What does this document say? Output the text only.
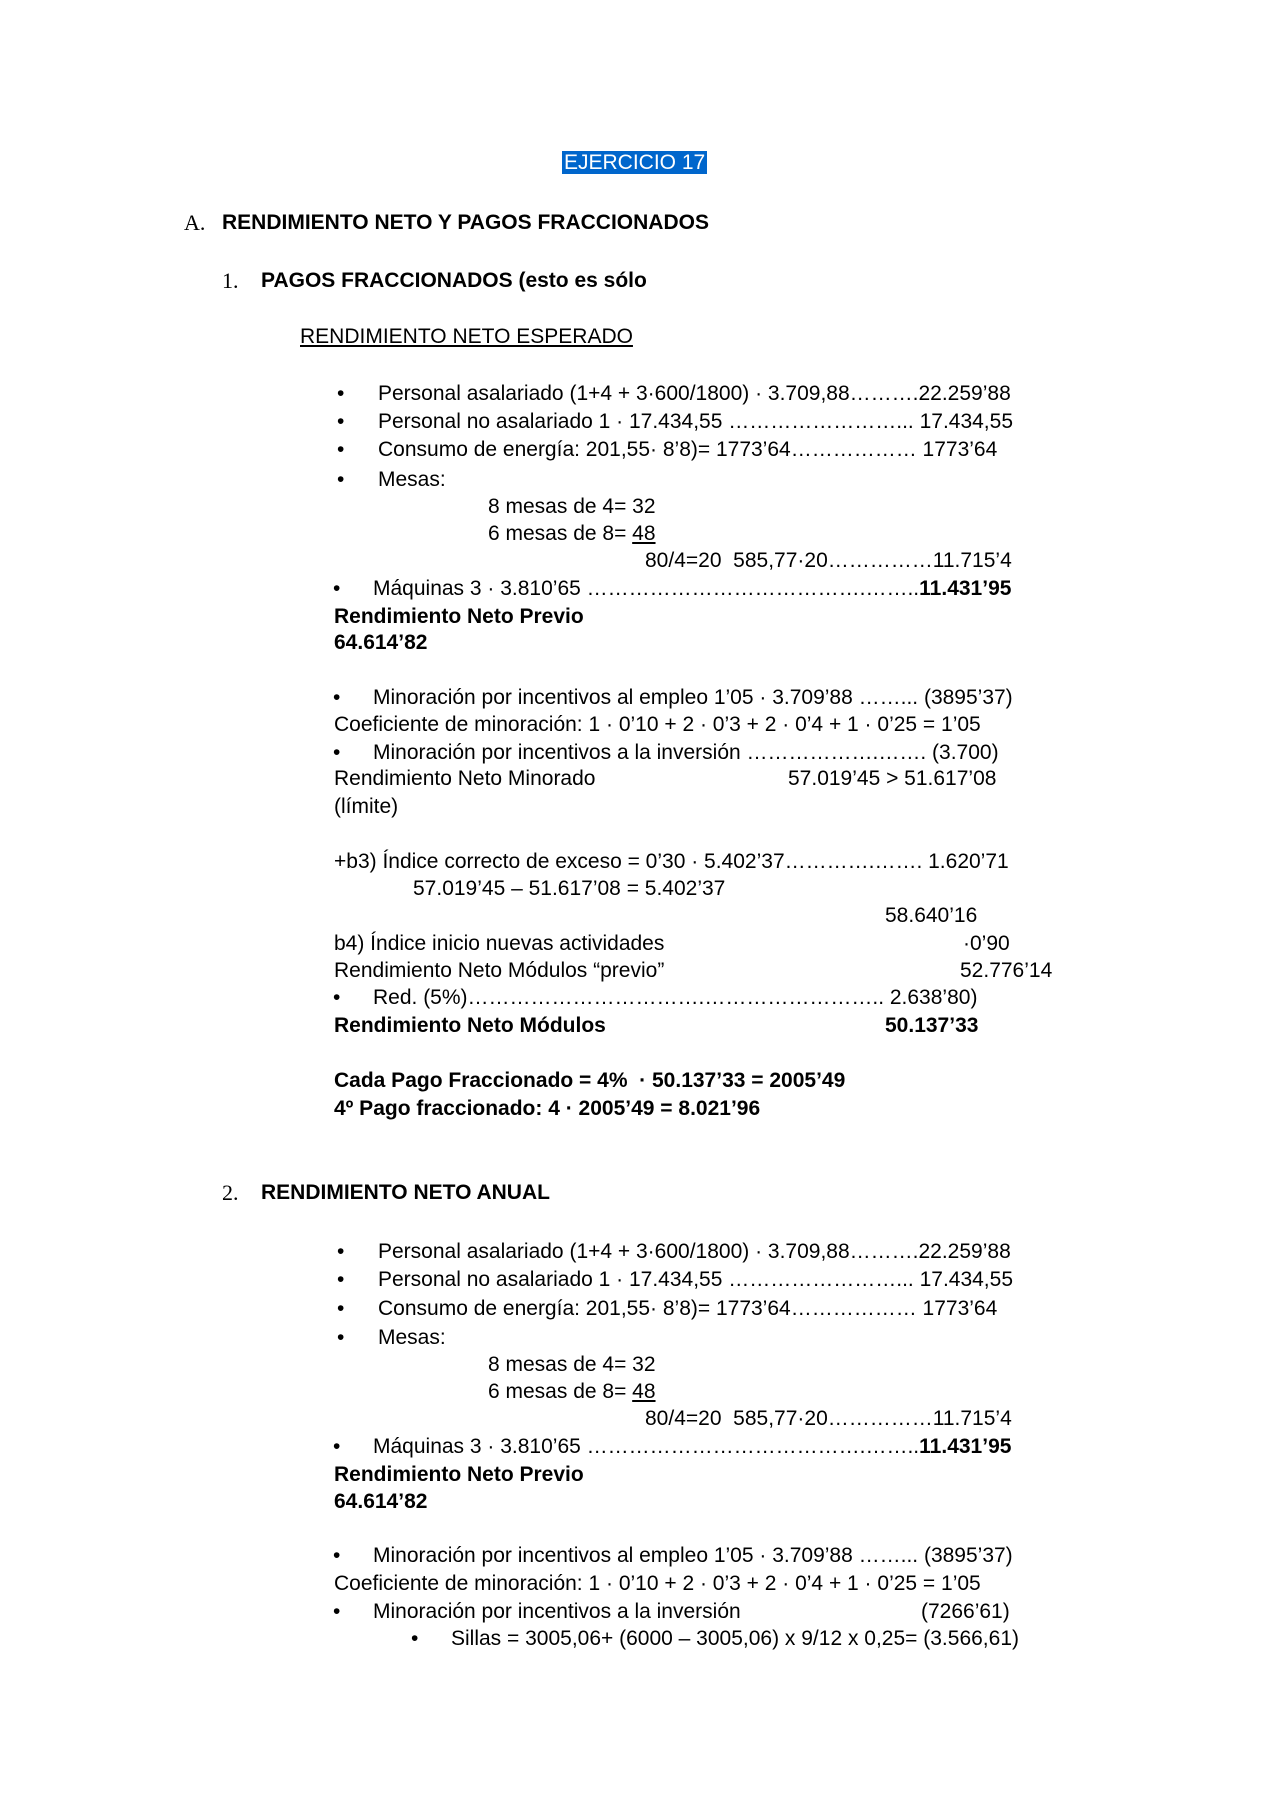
EJERCICIO 17
A. RENDIMIENTO NETO Y PAGOS FRACCIONADOS
1. PAGOS FRACCIONADOS (esto es sólo
RENDIMIENTO NETO ESPERADO
• Personal asalariado (1+4 + 3·600/1800) · 3.709,88……….22.259’88
• Personal no asalariado 1 · 17.434,55 ……………………... 17.434,55
• Consumo de energía: 201,55· 8’8)= 1773’64……………… 1773’64
• Mesas:
8 mesas de 4= 32
6 mesas de 8= 48
80/4=20  585,77·20……………11.715’4
• Máquinas 3 · 3.810’65 ………………………………….……..11.431’95
Rendimiento Neto Previo
64.614’82
• Minoración por incentivos al empleo 1’05 · 3.709’88 ……... (3895’37)
Coeficiente de minoración: 1 · 0’10 + 2 · 0’3 + 2 · 0’4 + 1 · 0’25 = 1’05
• Minoración por incentivos a la inversión ……………….……. (3.700)
Rendimiento Neto Minorado	57.019’45 > 51.617’08
(límite)
+b3) Índice correcto de exceso = 0’30 · 5.402’37………….……. 1.620’71
57.019’45 – 51.617’08 = 5.402’37
58.640’16
b4) Índice inicio nuevas actividades	·0’90
Rendimiento Neto Módulos “previo”	52.776’14
• Red. (5%)…………………………….…………………….. 2.638’80)
Rendimiento Neto Módulos	50.137’33
Cada Pago Fraccionado = 4%  · 50.137’33 = 2005’49
4º Pago fraccionado: 4 · 2005’49 = 8.021’96
2. RENDIMIENTO NETO ANUAL
• Personal asalariado (1+4 + 3·600/1800) · 3.709,88……….22.259’88
• Personal no asalariado 1 · 17.434,55 ……………………... 17.434,55
• Consumo de energía: 201,55· 8’8)= 1773’64……………… 1773’64
• Mesas:
8 mesas de 4= 32
6 mesas de 8= 48
80/4=20  585,77·20……………11.715’4
• Máquinas 3 · 3.810’65 ………………………………….……..11.431’95
Rendimiento Neto Previo
64.614’82
• Minoración por incentivos al empleo 1’05 · 3.709’88 ……... (3895’37)
Coeficiente de minoración: 1 · 0’10 + 2 · 0’3 + 2 · 0’4 + 1 · 0’25 = 1’05
• Minoración por incentivos a la inversión	(7266’61)
• Sillas = 3005,06+ (6000 – 3005,06) x 9/12 x 0,25= (3.566,61)
